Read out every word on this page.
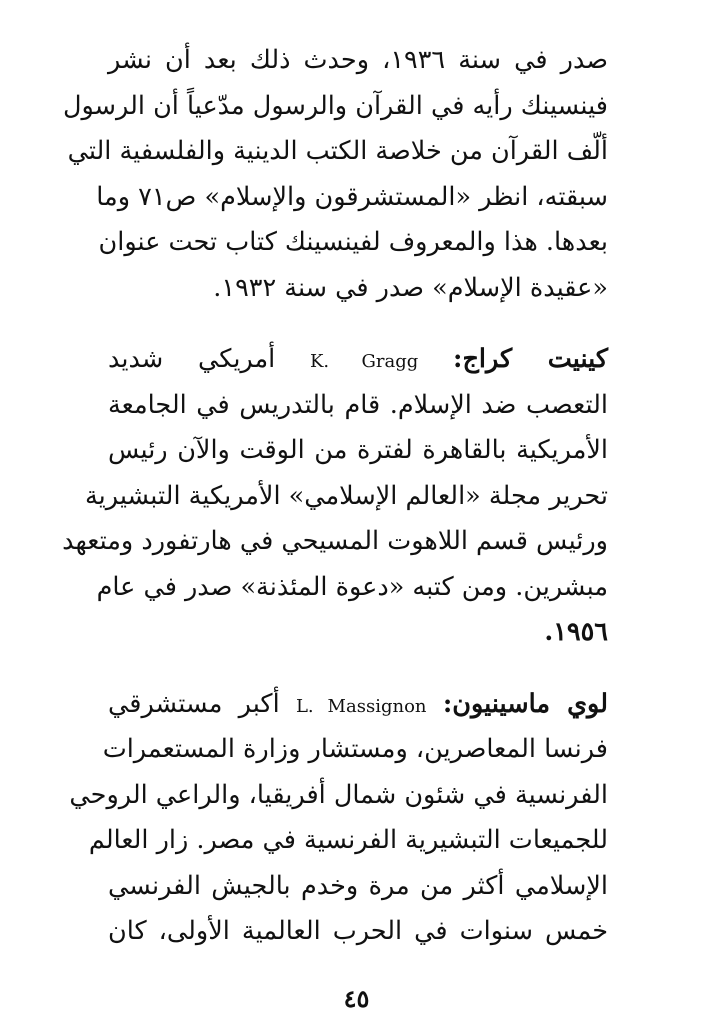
صدر في سنة ١٩٣٦، وحدث ذلك بعد أن نشر
فينسينك رأيه في القرآن والرسول مدّعياً أن الرسول
ألّف القرآن من خلاصة الكتب الدينية والفلسفية التي
سبقته، انظر «المستشرقون والإسلام» ص٧١ وما
بعدها. هذا والمعروف لفينسينك كتاب تحت عنوان
«عقيدة الإسلام» صدر في سنة ١٩٣٢.
كينيت كراج: K. Gragg أمريكي شديد
التعصب ضد الإسلام. قام بالتدريس في الجامعة
الأمريكية بالقاهرة لفترة من الوقت والآن رئيس
تحرير مجلة «العالم الإسلامي» الأمريكية التبشيرية
ورئيس قسم اللاهوت المسيحي في هارتفورد ومتعهد
مبشرين. ومن كتبه «دعوة المئذنة» صدر في عام
١٩٥٦.
لوي ماسينيون: L. Massignon أكبر مستشرقي
فرنسا المعاصرين، ومستشار وزارة المستعمرات
الفرنسية في شئون شمال أفريقيا، والراعي الروحي
للجميعات التبشيرية الفرنسية في مصر. زار العالم
الإسلامي أكثر من مرة وخدم بالجيش الفرنسي
خمس سنوات في الحرب العالمية الأولى، كان
٤٥
